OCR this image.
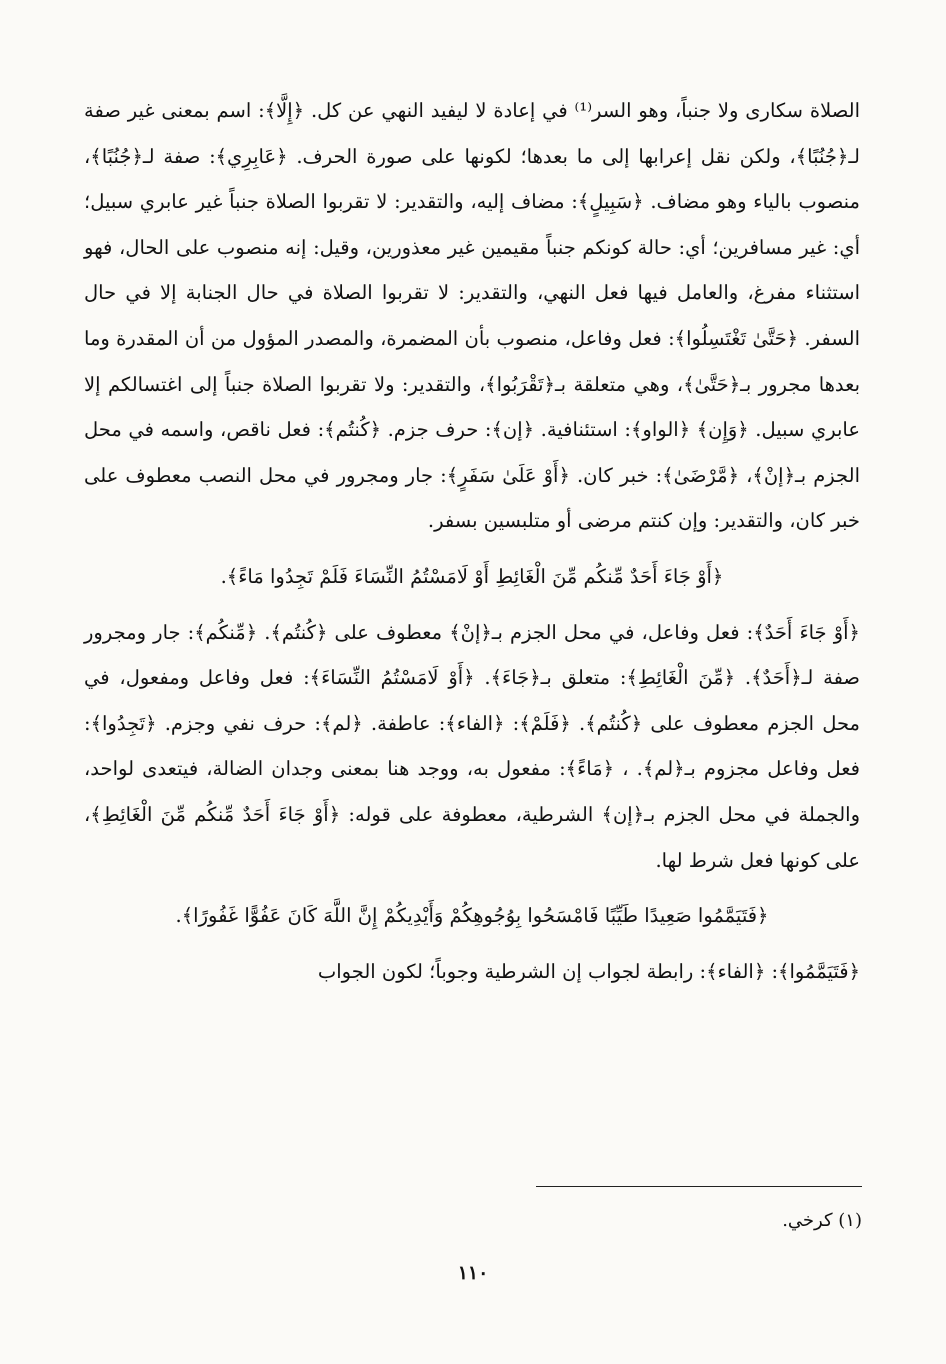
الصلاة سكارى ولا جنباً، وهو السر⁽¹⁾ في إعادة لا ليفيد النهي عن كل. ﴿إِلَّا﴾: اسم بمعنى غير صفة لـ﴿جُنُبًا﴾، ولكن نقل إعرابها إلى ما بعدها؛ لكونها على صورة الحرف. ﴿عَابِرِي﴾: صفة لـ﴿جُنُبًا﴾، منصوب بالياء وهو مضاف. ﴿سَبِيلٍ﴾: مضاف إليه، والتقدير: لا تقربوا الصلاة جنباً غير عابري سبيل؛ أي: غير مسافرين؛ أي: حالة كونكم جنباً مقيمين غير معذورين، وقيل: إنه منصوب على الحال، فهو استثناء مفرغ، والعامل فيها فعل النهي، والتقدير: لا تقربوا الصلاة في حال الجنابة إلا في حال السفر. ﴿حَتَّىٰ تَغْتَسِلُوا﴾: فعل وفاعل، منصوب بأن المضمرة، والمصدر المؤول من أن المقدرة وما بعدها مجرور بـ﴿حَتَّىٰ﴾، وهي متعلقة بـ﴿تَقْرَبُوا﴾، والتقدير: ولا تقربوا الصلاة جنباً إلى اغتسالكم إلا عابري سبيل. ﴿وَإِن﴾ ﴿الواو﴾: استئنافية. ﴿إن﴾: حرف جزم. ﴿كُنتُم﴾: فعل ناقص، واسمه في محل الجزم بـ﴿إنْ﴾، ﴿مَّرْضَىٰ﴾: خبر كان. ﴿أَوْ عَلَىٰ سَفَرٍ﴾: جار ومجرور في محل النصب معطوف على خبر كان، والتقدير: وإن كنتم مرضى أو متلبسين بسفر.

﴿أَوْ جَاءَ أَحَدٌ مِّنكُم مِّنَ الْغَائِطِ أَوْ لَامَسْتُمُ النِّسَاءَ فَلَمْ تَجِدُوا مَاءً﴾.

﴿أَوْ جَاءَ أَحَدٌ﴾: فعل وفاعل، في محل الجزم بـ﴿إنْ﴾ معطوف على ﴿كُنتُم﴾. ﴿مِّنكُم﴾: جار ومجرور صفة لـ﴿أَحَدٌ﴾. ﴿مِّنَ الْغَائِطِ﴾: متعلق بـ﴿جَاءَ﴾. ﴿أَوْ لَامَسْتُمُ النِّسَاءَ﴾: فعل وفاعل ومفعول، في محل الجزم معطوف على ﴿كُنتُم﴾. ﴿فَلَمْ﴾: ﴿الفاء﴾: عاطفة. ﴿لم﴾: حرف نفي وجزم. ﴿تَجِدُوا﴾: فعل وفاعل مجزوم بـ﴿لم﴾. ، ﴿مَاءً﴾: مفعول به، ووجد هنا بمعنى وجدان الضالة، فيتعدى لواحد، والجملة في محل الجزم بـ﴿إن﴾ الشرطية، معطوفة على قوله: ﴿أَوْ جَاءَ أَحَدٌ مِّنكُم مِّنَ الْغَائِطِ﴾، على كونها فعل شرط لها.

﴿فَتَيَمَّمُوا صَعِيدًا طَيِّبًا فَامْسَحُوا بِوُجُوهِكُمْ وَأَيْدِيكُمْ إِنَّ اللَّهَ كَانَ عَفُوًّا غَفُورًا﴾.

﴿فَتَيَمَّمُوا﴾: ﴿الفاء﴾: رابطة لجواب إن الشرطية وجوباً؛ لكون الجواب

(١) كرخي.
١١٠
